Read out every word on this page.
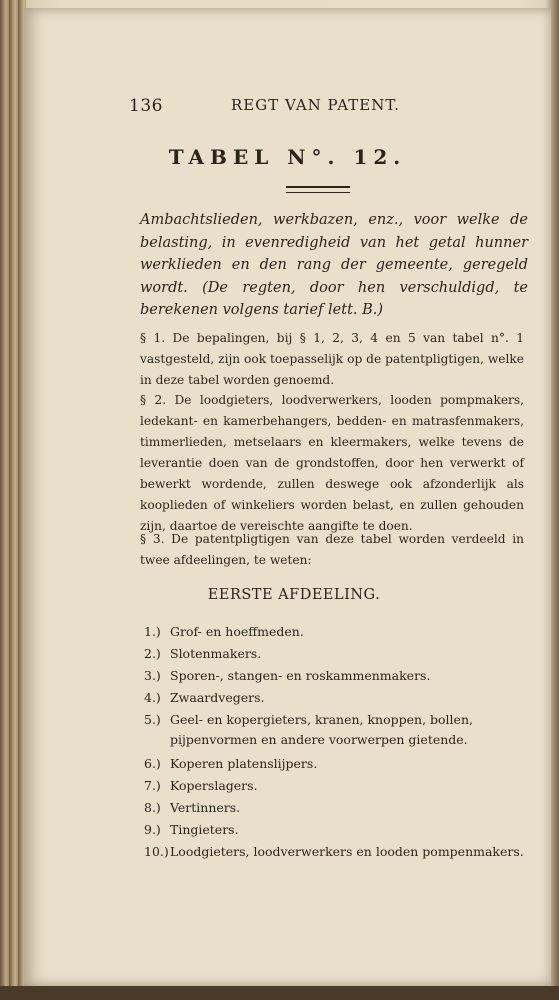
136	REGT VAN PATENT.
TABEL N°. 12.
Ambachtslieden, werkbazen, enz., voor welke de belasting, in evenredigheid van het getal hunner werklieden en den rang der gemeente, geregeld wordt. (De regten, door hen verschuldigd, te berekenen volgens tarief lett. B.)
§ 1. De bepalingen, bij § 1, 2, 3, 4 en 5 van tabel n°. 1 vastgesteld, zijn ook toepasselijk op de patentpligtigen, welke in deze tabel worden genoemd.
§ 2. De loodgieters, loodverwerkers, looden pompmakers, ledekant- en kamerbehangers, bedden- en matrasfenmakers, timmerlieden, metselaars en kleermakers, welke tevens de leverantie doen van de grondstoffen, door hen verwerkt of bewerkt wordende, zullen deswege ook afzonderlijk als kooplieden of winkeliers worden belast, en zullen gehouden zijn, daartoe de vereischte aangifte te doen.
§ 3. De patentpligtigen van deze tabel worden verdeeld in twee afdeelingen, te weten:
EERSTE AFDEELING.
1.) Grof- en hoeffmeden.
2.) Slotenmakers.
3.) Sporen-, stangen- en roskammenmakers.
4.) Zwaardvegers.
5.) Geel- en kopergieters, kranen, knoppen, bollen, pijpenvormen en andere voorwerpen gietende.
6.) Koperen platenslijpers.
7.) Koperslagers.
8.) Vertinners.
9.) Tingieters.
10.) Loodgieters, loodverwerkers en looden pompenmakers.
